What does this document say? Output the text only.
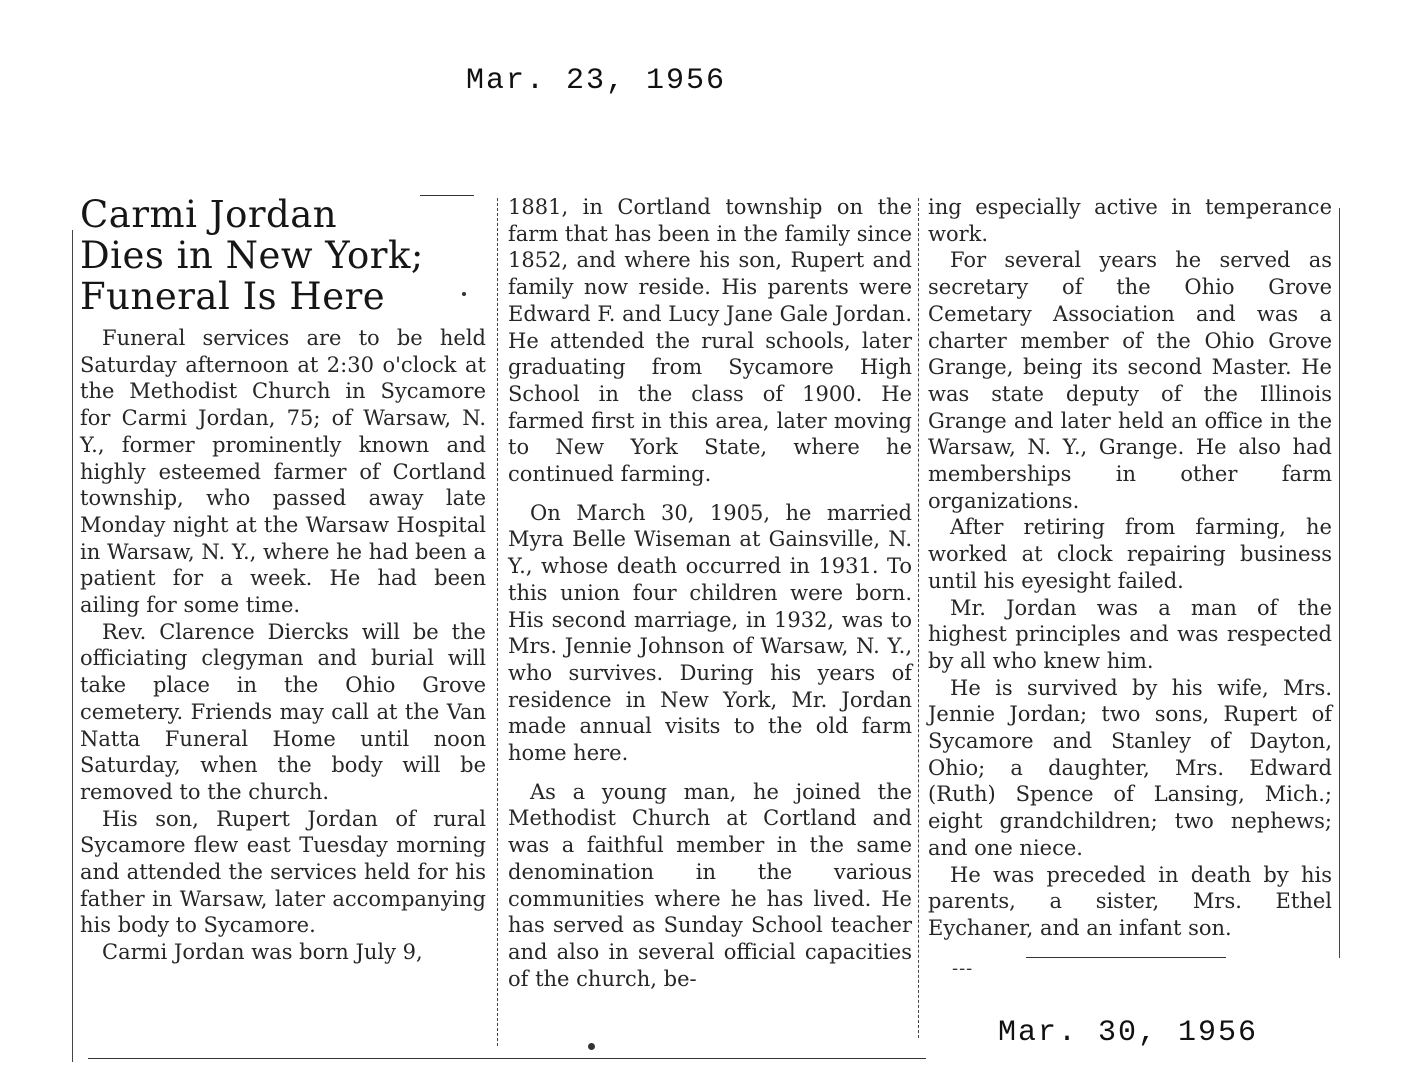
Mar. 23, 1956
Carmi Jordan
Dies in New York;
Funeral Is Here

Funeral services are to be held Saturday afternoon at 2:30 o'clock at the Methodist Church in Sycamore for Carmi Jordan, 75; of Warsaw, N. Y., former prominently known and highly esteemed farmer of Cortland township, who passed away late Monday night at the Warsaw Hospital in Warsaw, N. Y., where he had been a patient for a week. He had been ailing for some time.

Rev. Clarence Diercks will be the officiating clegyman and burial will take place in the Ohio Grove cemetery. Friends may call at the Van Natta Funeral Home until noon Saturday, when the body will be removed to the church.

His son, Rupert Jordan of rural Sycamore flew east Tuesday morning and attended the services held for his father in Warsaw, later accompanying his body to Sycamore.

Carmi Jordan was born July 9,

1881, in Cortland township on the farm that has been in the family since 1852, and where his son, Rupert and family now reside. His parents were Edward F. and Lucy Jane Gale Jordan. He attended the rural schools, later graduating from Sycamore High School in the class of 1900. He farmed first in this area, later moving to New York State, where he continued farming.

On March 30, 1905, he married Myra Belle Wiseman at Gainsville, N. Y., whose death occurred in 1931. To this union four children were born. His second marriage, in 1932, was to Mrs. Jennie Johnson of Warsaw, N. Y., who survives. During his years of residence in New York, Mr. Jordan made annual visits to the old farm home here.

As a young man, he joined the Methodist Church at Cortland and was a faithful member in the same denomination in the various communities where he has lived. He has served as Sunday School teacher and also in several official capacities of the church, be-

ing especially active in temperance work.

For several years he served as secretary of the Ohio Grove Cemetary Association and was a charter member of the Ohio Grove Grange, being its second Master. He was state deputy of the Illinois Grange and later held an office in the Warsaw, N. Y., Grange. He also had memberships in other farm organizations.

After retiring from farming, he worked at clock repairing business until his eyesight failed.

Mr. Jordan was a man of the highest principles and was respected by all who knew him.

He is survived by his wife, Mrs. Jennie Jordan; two sons, Rupert of Sycamore and Stanley of Dayton, Ohio; a daughter, Mrs. Edward (Ruth) Spence of Lansing, Mich.; eight grandchildren; two nephews; and one niece.

He was preceded in death by his parents, a sister, Mrs. Ethel Eychaner, and an infant son.

---
Mar. 30, 1956
